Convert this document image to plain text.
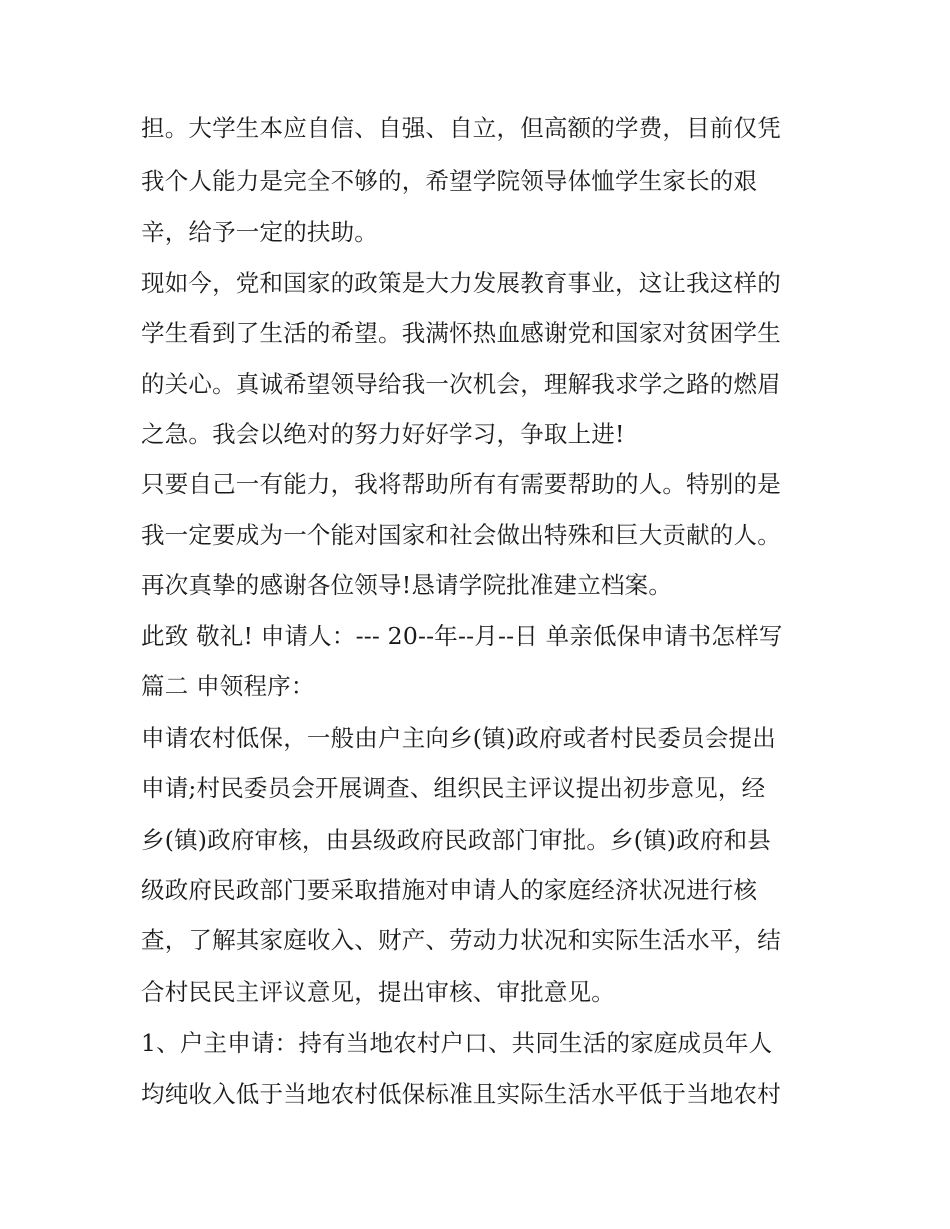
担。大学生本应自信、自强、自立，但高额的学费，目前仅凭
我个人能力是完全不够的，希望学院领导体恤学生家长的艰
辛，给予一定的扶助。
现如今，党和国家的政策是大力发展教育事业，这让我这样的
学生看到了生活的希望。我满怀热血感谢党和国家对贫困学生
的关心。真诚希望领导给我一次机会，理解我求学之路的燃眉
之急。我会以绝对的努力好好学习，争取上进!
只要自己一有能力，我将帮助所有有需要帮助的人。特别的是
我一定要成为一个能对国家和社会做出特殊和巨大贡献的人。
再次真挚的感谢各位领导!恳请学院批准建立档案。
此致 敬礼! 申请人：--- 20--年--月--日 单亲低保申请书怎样写
篇二 申领程序：
申请农村低保，一般由户主向乡(镇)政府或者村民委员会提出
申请;村民委员会开展调查、组织民主评议提出初步意见，经
乡(镇)政府审核，由县级政府民政部门审批。乡(镇)政府和县
级政府民政部门要采取措施对申请人的家庭经济状况进行核
查，了解其家庭收入、财产、劳动力状况和实际生活水平，结
合村民民主评议意见，提出审核、审批意见。
1、户主申请：持有当地农村户口、共同生活的家庭成员年人
均纯收入低于当地农村低保标准且实际生活水平低于当地农村
